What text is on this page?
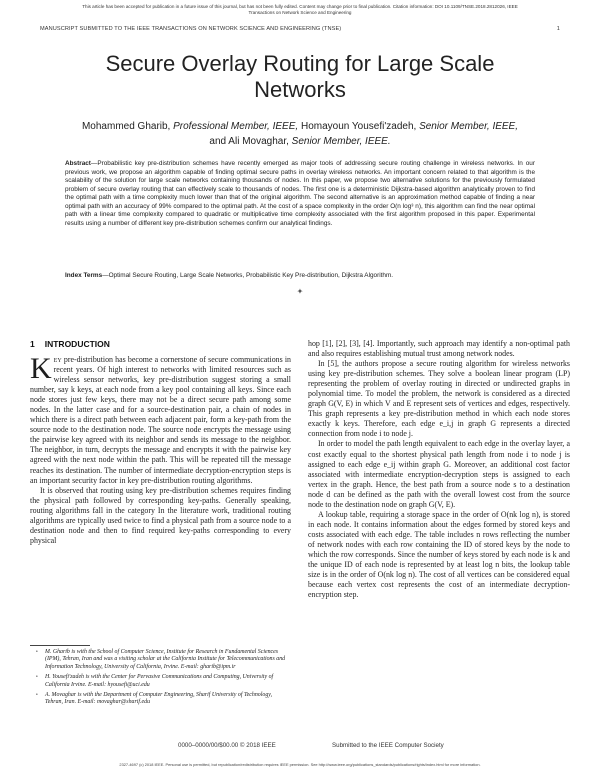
This article has been accepted for publication in a future issue of this journal, but has not been fully edited. Content may change prior to final publication. Citation information: DOI 10.1109/TNSE.2018.2812026, IEEE
Transactions on Network Science and Engineering
MANUSCRIPT SUBMITTED TO THE IEEE TRANSACTIONS ON NETWORK SCIENCE AND ENGINEERING (TNSE)	1
Secure Overlay Routing for Large Scale
Networks
Mohammed Gharib, Professional Member, IEEE, Homayoun Yousefi'zadeh, Senior Member, IEEE,
and Ali Movaghar, Senior Member, IEEE.
Abstract—Probabilistic key pre-distribution schemes have recently emerged as major tools of addressing secure routing challenge in wireless networks. In our previous work, we propose an algorithm capable of finding optimal secure paths in overlay wireless networks. An important concern related to that algorithm is the scalability of the solution for large scale networks containing thousands of nodes. In this paper, we propose two alternative solutions for the previously formulated problem of secure overlay routing that can effectively scale to thousands of nodes. The first one is a deterministic Dijkstra-based algorithm analytically proven to find the optimal path with a time complexity much lower than that of the original algorithm. The second alternative is an approximation method capable of finding a near optimal path with an accuracy of 99% compared to the optimal path. At the cost of a space complexity in the order O(n log³ n), this algorithm can find the near optimal path with a linear time complexity compared to quadratic or multiplicative time complexity associated with the first algorithm proposed in this paper. Experimental results using a number of different key pre-distribution schemes confirm our analytical findings.
Index Terms—Optimal Secure Routing, Large Scale Networks, Probabilistic Key Pre-distribution, Dijkstra Algorithm.
✦
1 INTRODUCTION

Key pre-distribution has become a cornerstone of secure communications in recent years. Of high interest to networks with limited resources such as wireless sensor networks, key pre-distribution suggest storing a small number, say k keys, at each node from a key pool containing all keys. Since each node stores just few keys, there may not be a direct secure path among some nodes. In the latter case and for a source-destination pair, a chain of nodes in which there is a direct path between each adjacent pair, form a key-path from the source node to the destination node. The source node encrypts the message using the pairwise key agreed with its neighbor and sends its message to the neighbor. The neighbor, in turn, decrypts the message and encrypts it with the pairwise key agreed with the next node within the path. This will be repeated till the message reaches its destination. The number of intermediate decryption-encryption steps is an important security factor in key pre-distribution routing algorithms.

It is observed that routing using key pre-distribution schemes requires finding the physical path followed by corresponding key-paths. Generally speaking, routing algorithms fall in the category In the literature work, traditional routing algorithms are typically used twice to find a physical path from a source node to a destination node and then to find required key-paths corresponding to every physical

hop [1], [2], [3], [4]. Importantly, such approach may identify a non-optimal path and also requires establishing mutual trust among network nodes.

In [5], the authors propose a secure routing algorithm for wireless networks using key pre-distribution schemes. They solve a boolean linear program (LP) representing the problem of overlay routing in directed or undirected graphs in polynomial time. To model the problem, the network is considered as a directed graph G(V, E) in which V and E represent sets of vertices and edges, respectively. This graph represents a key pre-distribution method in which each node stores exactly k keys. Therefore, each edge e_i,j in graph G represents a directed connection from node i to node j.

In order to model the path length equivalent to each edge in the overlay layer, a cost exactly equal to the shortest physical path length from node i to node j is assigned to each edge e_ij within graph G. Moreover, an additional cost factor associated with intermediate encryption-decryption steps is assigned to each vertex in the graph. Hence, the best path from a source node s to a destination node d can be defined as the path with the overall lowest cost from the source node to the destination node on graph G(V, E).

A lookup table, requiring a storage space in the order of O(nk log n), is stored in each node. It contains information about the edges formed by stored keys and costs associated with each edge. The table includes n rows reflecting the number of network nodes with each row containing the ID of stored keys by the node to which the row corresponds. Since the number of keys stored by each node is k and the unique ID of each node is represented by at least log n bits, the lookup table size is in the order of O(nk log n). The cost of all vertices can be considered equal because each vertex cost represents the cost of an intermediate decryption-encryption step.

•	M. Gharib is with the School of Computer Science, Institute for Research in Fundamental Sciences (IPM), Tehran, Iran and was a visiting scholar at the California Institute for Telecommunications and Information Technology, University of California, Irvine. E-mail: gharib@ipm.ir
•	H. Yousefi'zadeh is with the Center for Pervasive Communications and Computing, University of California Irvine. E-mail: hyousefi@uci.edu
•	A. Movaghar is with the Department of Computer Engineering, Sharif University of Technology, Tehran, Iran. E-mail: movaghar@sharif.edu
0000–0000/00/$00.00 © 2018 IEEE	Submitted to the IEEE Computer Society
2327-4697 (c) 2018 IEEE. Personal use is permitted, but republication/redistribution requires IEEE permission. See http://www.ieee.org/publications_standards/publications/rights/index.html for more information.
